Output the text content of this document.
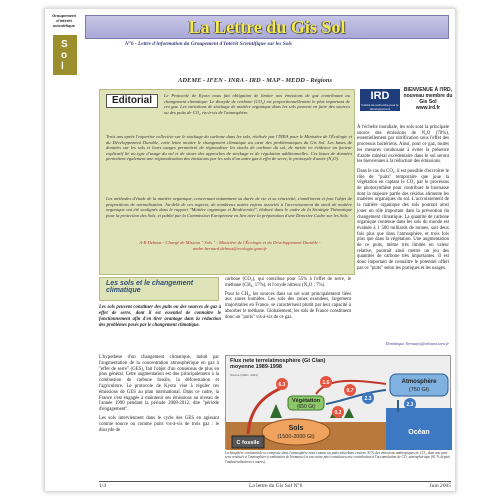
Groupement
d'intérêt
scientifique
S
o
l
La Lettre du Gis Sol
N°6 - Lettre d'information du Groupement d'Intérêt Scientifique sur les Sols
ADEME - IFEN - INRA - IRD - MAP - MEDD - Régions
IRD
Institut de recherche pour le développement
BIENVENUE À l'IRD, nouveau membre du Gis Sol
www.ird.fr
Editorial	Le Protocole de Kyoto nous fait obligation de limiter nos émissions de gaz contribuant au changement climatique. Le dioxyde de carbone (CO₂) est proportionnellement le plus important de ces gaz. Les variations de stockage de matière organique dans les sols peuvent en faire des sources ou des puits de CO₂ vis-à-vis de l'atmosphère.
Trois ans après l'expertise collective sur le stockage du carbone dans les sols, réalisée par l'INRA pour le Ministère de l'Écologie et du Développement Durable, cette lettre montre le changement climatique au cœur des problématiques du Gis Sol. Les bases de données sur les sols et leurs usages permettent de régionaliser les stocks de carbone du sol, de mettre en évidence un facteur explicatif lié au type d'usage du sol et de situer des approches de stockage et de régulation additionnelles. Ces bases de données permettent également une régionalisation des émissions par les sols d'un autre gaz à effet de serre, le protoxyde d'azote (N₂O).
Les méthodes d'étude de la matière organique, concernant notamment sa durée de vie et sa réactivité, s'améliorent et font l'objet de propositions de normalisation. Au-delà de ces aspects, de nombreux autres enjeux associés à l'accroissement du stock de matière organique ont été soulignés dans le rapport "Matière organique et Biodiversité", élaboré dans le cadre de la Stratégie Thématique pour la protection des Sols, et publié par la Commission Européenne en lien avec la préparation d'une Directive Cadre sur les Sols.
A-R Delmas - Chargé de Mission " Sols " - Ministère de l'Écologie et du Développement Durable - andre.bernard.delmas@ecologie.gouv.fr

À l'échelle mondiale, les sols sont la principale source des émissions de N₂O (70%), essentiellement par nitrification sous l'effet des processus bactériens. Ainsi, pour ce gaz, toutes les mesures conduisant à éviter la présence d'azote minéral excédentaire dans le sol seront les bienvenues à la réduction des émissions.

Dans le cas du CO₂, il est possible d'accroître le rôle de "puits" temporaire que joue la végétation en captant le CO₂ par le processus de photosynthèse pour contribuer le biomasse dont la majeure partie des résidus alimente les matières organiques du sol. L'accroissement de la matière organique des sols pourrait ainsi jouer un rôle important dans la prévention du changement climatique. La quantité de carbone organique contenue dans les sols du monde est évaluée à 1 500 milliards de tonnes, soit deux fois plus que dans l'atmosphère, et trois fois plus que dans la végétation. Une augmentation de ce puits, même très limitée en valeur relative, pourrait ainsi mettre un jeu des quantités de carbone très importantes. Il est donc important de connaître le potentiel offert par ce "puits" selon les pratiques et les usages.

Dominique.Arrouays@orleans.inra.fr
Les sols et le changement climatique
Les sols peuvent constituer des puits ou des sources de gaz à effet de serre, dont il est essentiel de connaître le fonctionnement afin d'en tirer avantage dans la réduction des problèmes posés par le changement climatique.

L'hypothèse d'un changement climatique, induit par l'augmentation de la concentration atmosphérique en gaz à "effet de serre" (GES), fait l'objet d'un consensus de plus en plus général. Cette augmentation est due principalement à la combustion de carbone fossile, la déforestation et l'agriculture. Le protocole de Kyoto vise à réguler ces émissions de GES au plan international. Dans ce cadre, la France s'est engagée à maintenir ses émissions au niveau de l'année 1990 pendant la période 2008-2012, dite "période d'engagement".

Les sols interviennent dans le cycle des GES en agissant comme source ou comme puits vis-à-vis de trois gaz : le dioxyde de

carbone (CO₂), qui contribue pour 55% à l'effet de serre, le méthane (CH₄, 17%), et l'oxyde nitreux (N₂O ; 7%).

Pour le CH₄, les sources dans un sol sont principalement liées aux zones humides. Les sols des zones exondées, largement majoritaires en France, se caractérisent plutôt par leur capacité à absorber le méthane. Globalement, les sols de France constituent donc un "puits" vis-à-vis de ce gaz.

Flux nete terre/atmosphère (Gt C/an)
moyenne 1989-1998
Sols
(1500-2000 Gt)
C fossile
Végétation
(650 Gt)
Atmosphère
(750 Gt)
Océan
6.3	1.6
0.7
2.3
0.2
2.3
Source (GIEC, 2001)
La biosphère continentale se comporte dans l'atmosphère nord comme un puits absorbant environ 30 % des émissions anthropiques de CO₂, dont une part sera restituée à l'atmosphère (combustion de biomasse) et une autre part constituera une contribution à l'accumulation de CO₂ atmosphérique (61 % depuis l'industrialisation et autres).
1/4	La lettre du Gis Sol N°6	Juin 2005
